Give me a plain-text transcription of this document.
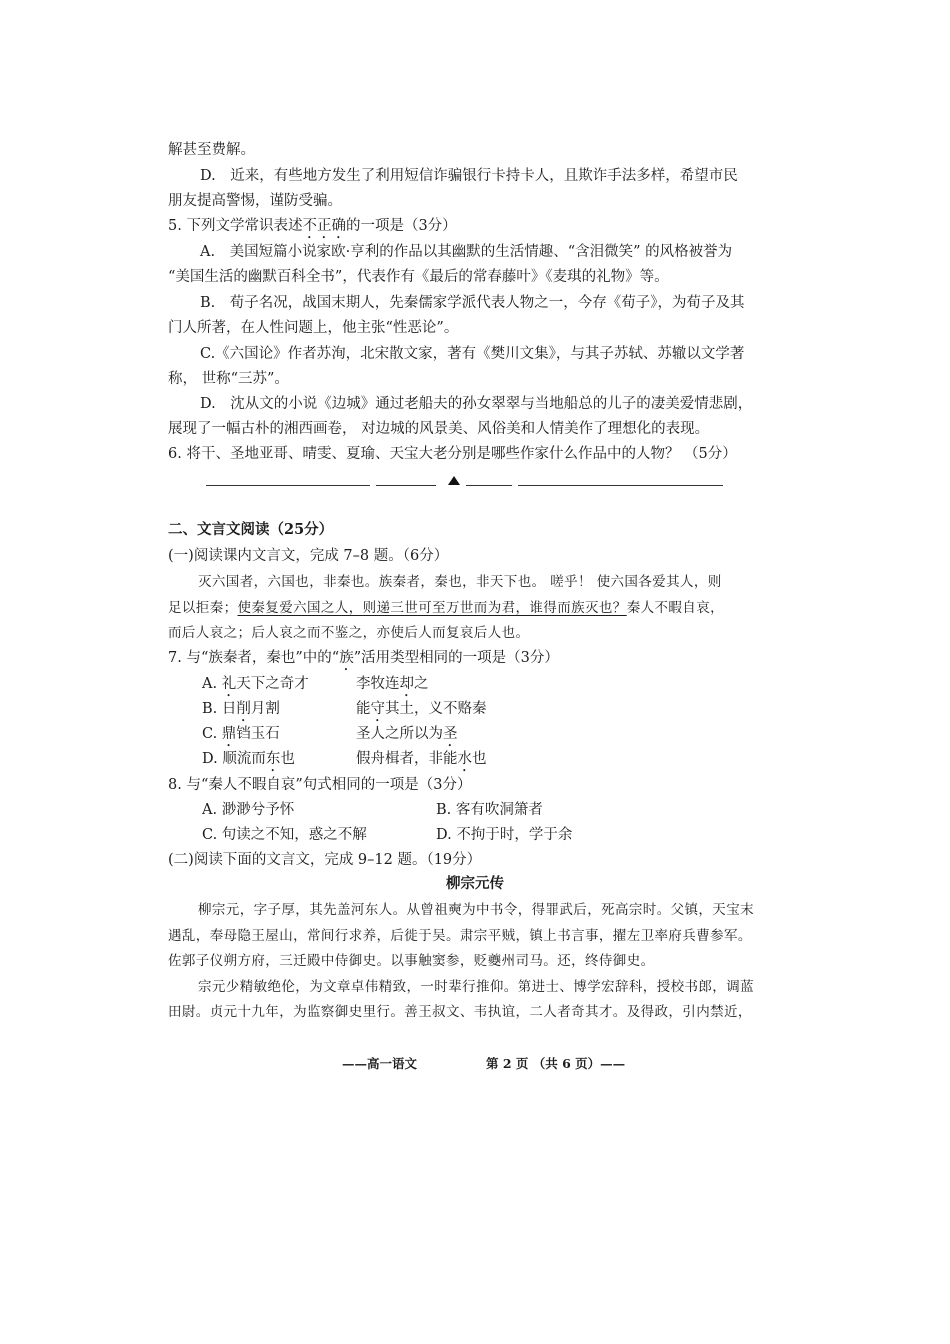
解甚至费解。
D.　近来，有些地方发生了利用短信诈骗银行卡持卡人，且欺诈手法多样，希望市民
朋友提高警惕，谨防受骗。
5. 下列文学常识表述不正确的一项是（3分）
A.　美国短篇小说家欧·亨利的作品以其幽默的生活情趣、“含泪微笑” 的风格被誉为
“美国生活的幽默百科全书”，代表作有《最后的常春藤叶》《麦琪的礼物》等。
B.　荀子名况，战国末期人，先秦儒家学派代表人物之一，今存《荀子》，为荀子及其
门人所著，在人性问题上，他主张“性恶论”。
C.《六国论》作者苏洵，北宋散文家，著有《樊川文集》，与其子苏轼、苏辙以文学著
称， 世称“三苏”。
D.　沈从文的小说《边城》通过老船夫的孙女翠翠与当地船总的儿子的凄美爱情悲剧，
展现了一幅古朴的湘西画卷， 对边城的风景美、风俗美和人情美作了理想化的表现。
6. 将干、圣地亚哥、晴雯、夏瑜、天宝大老分别是哪些作家什么作品中的人物？ （5分）
二、文言文阅读（25分）
(一)阅读课内文言文，完成 7–8 题。（6分）
灭六国者，六国也，非秦也。族秦者，秦也，非天下也。 嗟乎！ 使六国各爱其人，则
足以拒秦；使秦复爱六国之人，则递三世可至万世而为君，谁得而族灭也？秦人不暇自哀，
而后人哀之；后人哀之而不鉴之，亦使后人而复哀后人也。
7. 与“族秦者，秦也”中的“族”活用类型相同的一项是（3分）
A. 礼天下之奇才	李牧连却之
B. 日削月割	能守其土，义不赂秦
C. 鼎铛玉石	圣人之所以为圣
D. 顺流而东也	假舟楫者，非能水也
8. 与“秦人不暇自哀”句式相同的一项是（3分）
A. 渺渺兮予怀	B. 客有吹洞箫者
C. 句读之不知，惑之不解	D. 不拘于时，学于余
(二)阅读下面的文言文，完成 9–12 题。（19分）
柳宗元传
柳宗元，字子厚，其先盖河东人。从曾祖奭为中书令，得罪武后，死高宗时。父镇，天宝末
遇乱，奉母隐王屋山，常间行求养，后徙于吴。肃宗平贼，镇上书言事，擢左卫率府兵曹参军。
佐郭子仪朔方府，三迁殿中侍御史。以事触窦参，贬夔州司马。还，终侍御史。
宗元少精敏绝伦，为文章卓伟精致，一时辈行推仰。第进士、博学宏辞科，授校书郎，调蓝
田尉。贞元十九年，为监察御史里行。善王叔文、韦执谊，二人者奇其才。及得政，引内禁近，
——高一语文	第 2 页 （共 6 页）——
